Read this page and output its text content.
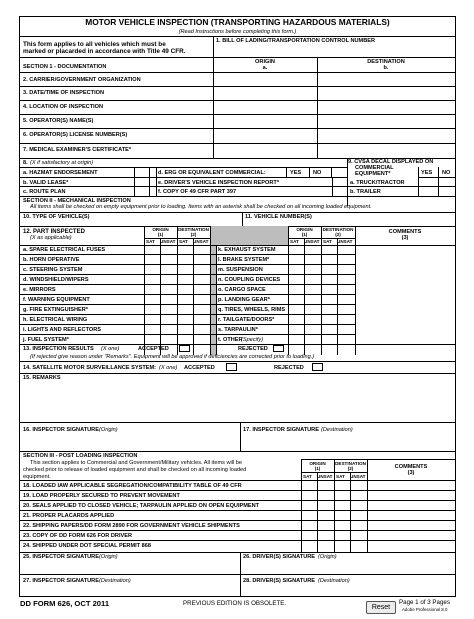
MOTOR VEHICLE INSPECTION (TRANSPORTING HAZARDOUS MATERIALS)
(Read Instructions before completing this form.)
This form applies to all vehicles which must be
marked or placarded in accordance with Title 49 CFR.
1. BILL OF LADING/TRANSPORTATION CONTROL NUMBER
SECTION 1 - DOCUMENTATION
ORIGIN
a.
DESTINATION
b.
2. CARRIER/GOVERNMENT ORGANIZATION
3. DATE/TIME OF INSPECTION
4. LOCATION OF INSPECTION
5. OPERATOR(S) NAME(S)
6. OPERATOR(S) LICENSE NUMBER(S)
7. MEDICAL EXAMINER'S CERTIFICATE*
8. (X if satisfactory at origin)
a. HAZMAT ENDORSEMENT	d. ERG OR EQUIVALENT COMMERCIAL:	YES NO
b. VALID LEASE*	e. DRIVER'S VEHICLE INSPECTION REPORT*
c. ROUTE PLAN	f. COPY OF 49 CFR PART 397
9. CVSA DECAL DISPLAYED ON
COMMERCIAL
EQUIPMENT*	YES NO
a. TRUCK/TRACTOR
b. TRAILER
SECTION II - MECHANICAL INSPECTION
All items shall be checked on empty equipment prior to loading. Items with an asterisk shall be checked on all incoming loaded equipment.
10. TYPE OF VEHICLE(S)	11. VEHICLE NUMBER(S)
12. PART INSPECTED
(X as applicable)
ORIGIN
(1)
DESTINATION
(2)
SAT UNSAT SAT UNSAT
ORIGIN
(1)
DESTINATION
(2)
SAT UNSAT SAT UNSAT
COMMENTS
(3)
a. SPARE ELECTRICAL FUSES	k. EXHAUST SYSTEM
b. HORN OPERATIVE	l. BRAKE SYSTEM*
c. STEERING SYSTEM	m. SUSPENSION
d. WINDSHIELD/WIPERS	n. COUPLING DEVICES
e. MIRRORS	o. CARGO SPACE
f. WARNING EQUIPMENT	p. LANDING GEAR*
g. FIRE EXTINGUISHER*	q. TIRES, WHEELS, RIMS
h. ELECTRICAL WIRING	r. TAILGATE/DOORS*
i. LIGHTS AND REFLECTORS	s. TARPAULIN*
j. FUEL SYSTEM*	t. OTHER
(Specify)
13. INSPECTION RESULTS (X one)	ACCEPTED	REJECTED
(If rejected give reason under "Remarks". Equipment will be approved if deficiencies are corrected prior to loading.)
14. SATELLITE MOTOR SURVEILLANCE SYSTEM: (X one) ACCEPTED	REJECTED
15. REMARKS
16. INSPECTOR SIGNATURE (Origin)	17. INSPECTOR SIGNATURE (Destination)
SECTION III - POST LOADING INSPECTION
This section applies to Commercial and Government/Military vehicles. All items will be
checked prior to release of loaded equipment and shall be checked on all incoming loaded
equipment.
ORIGIN
(1)
DESTINATION
(2)
SAT UNSAT SAT UNSAT
COMMENTS
(3)
18. LOADED IAW APPLICABLE SEGREGATION/COMPATIBILITY TABLE OF 49 CFR
19. LOAD PROPERLY SECURED TO PREVENT MOVEMENT
20. SEALS APPLIED TO CLOSED VEHICLE; TARPAULIN APPLIED ON OPEN EQUIPMENT
21. PROPER PLACARDS APPLIED
22. SHIPPING PAPERS/DD FORM 2890 FOR GOVERNMENT VEHICLE SHIPMENTS
23. COPY OF DD FORM 626 FOR DRIVER
24. SHIPPED UNDER DOT SPECIAL PERMIT 868
25. INSPECTOR SIGNATURE (Origin)	26. DRIVER(S) SIGNATURE (Origin)
27. INSPECTOR SIGNATURE (Destination)	28. DRIVER(S) SIGNATURE (Destination)
DD FORM 626, OCT 2011	PREVIOUS EDITION IS OBSOLETE.
Reset
Page 1 of 3 Pages
Adobe Professional 8.0
